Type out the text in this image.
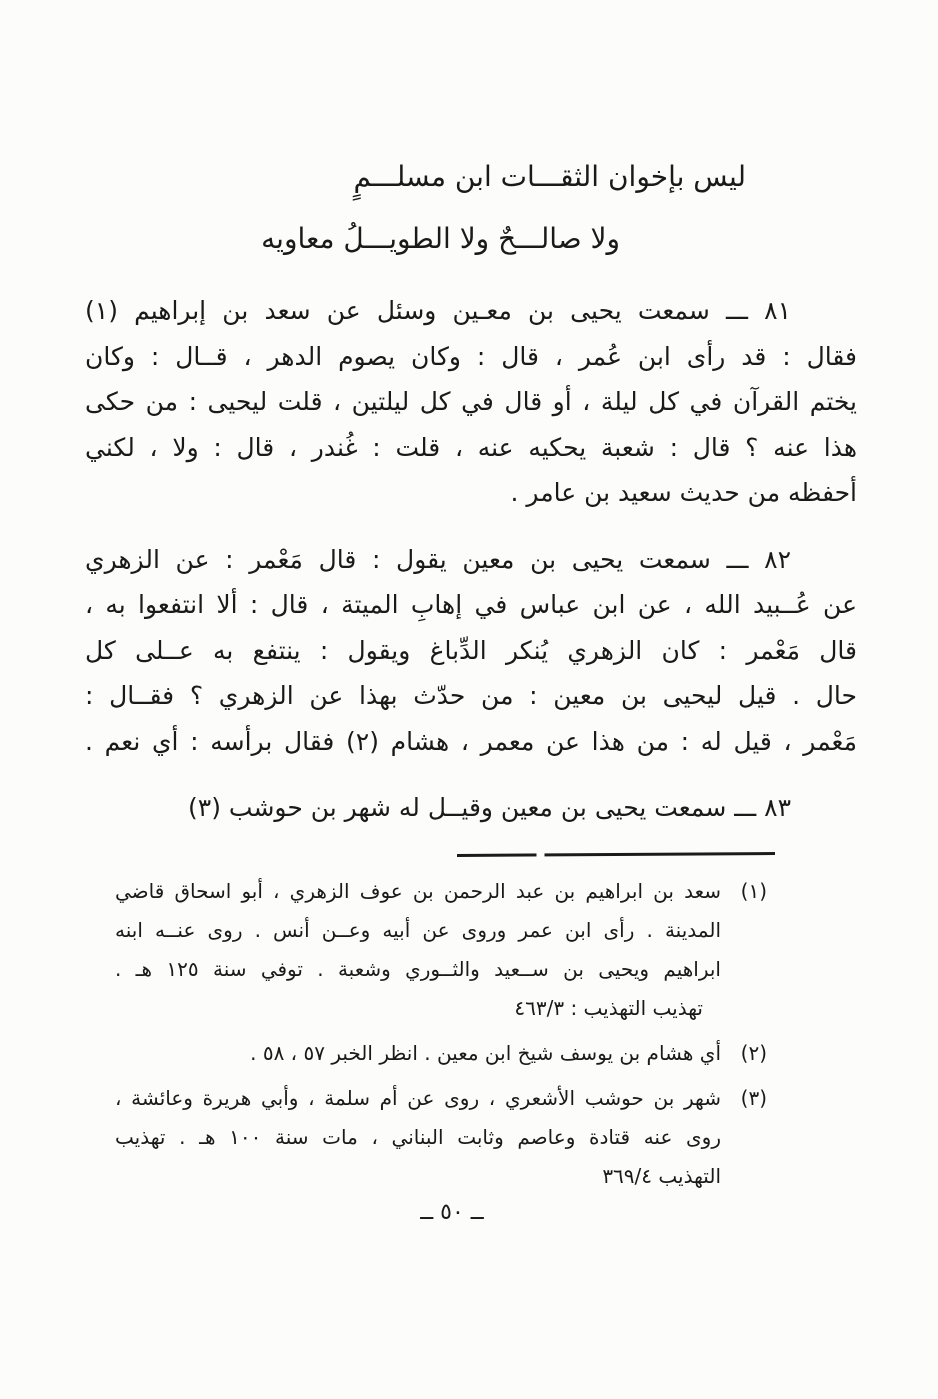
ليس بإخوان الثقـــات ابن مسلـــمٍ
ولا صالـــحٌ ولا الطويـــلُ معاويه
٨١ ـــ سمعت يحيى بن معـين وسئل عن سعد بن إبراهيم (١)
فقال : قد رأى ابن عُمر ، قال : وكان يصوم الدهر ، قــال : وكان
يختم القرآن في كل ليلة ، أو قال في كل ليلتين ، قلت ليحيى : من حكى
هذا عنه ؟ قال : شعبة يحكيه عنه ، قلت : غُندر ، قال : ولا ، لكني
أحفظه من حديث سعيد بن عامر .
٨٢ ـــ سمعت يحيى بن معين يقول : قال مَعْمر : عن الزهري
عن عُــبيد الله ، عن ابن عباس في إهابِ الميتة ، قال : ألا انتفعوا به ،
قال مَعْمر : كان الزهري يُنكر الدِّباغ ويقول : ينتفع به عــلى كل
حال . قيل ليحيى بن معين : من حدّث بهذا عن الزهري ؟ فقــال :
مَعْمر ، قيل له : من هذا عن معمر ، هشام (٢) فقال برأسه : أي نعم .
٨٣ ـــ سمعت يحيى بن معين وقيــل له شهر بن حوشب (٣)
(١)
سعد بن ابراهيم بن عبد الرحمن بن عوف الزهري ، أبو اسحاق قاضي
المدينة . رأى ابن عمر وروى عن أبيه وعــن أنس . روى عنــه ابنه
ابراهيم ويحيى بن ســعيد والثــوري وشعبة . توفي سنة ١٢٥ هـ .
تهذيب التهذيب : ٤٦٣/٣
(٢)
أي هشام بن يوسف شيخ ابن معين . انظر الخبر ٥٧ ، ٥٨ .
(٣)
شهر بن حوشب الأشعري ، روى عن أم سلمة ، وأبي هريرة وعائشة ،
روى عنه قتادة وعاصم وثابت البناني ، مات سنة ١٠٠ هـ . تهذيب
التهذيب ٣٦٩/٤
ــ ٥٠ ــ
